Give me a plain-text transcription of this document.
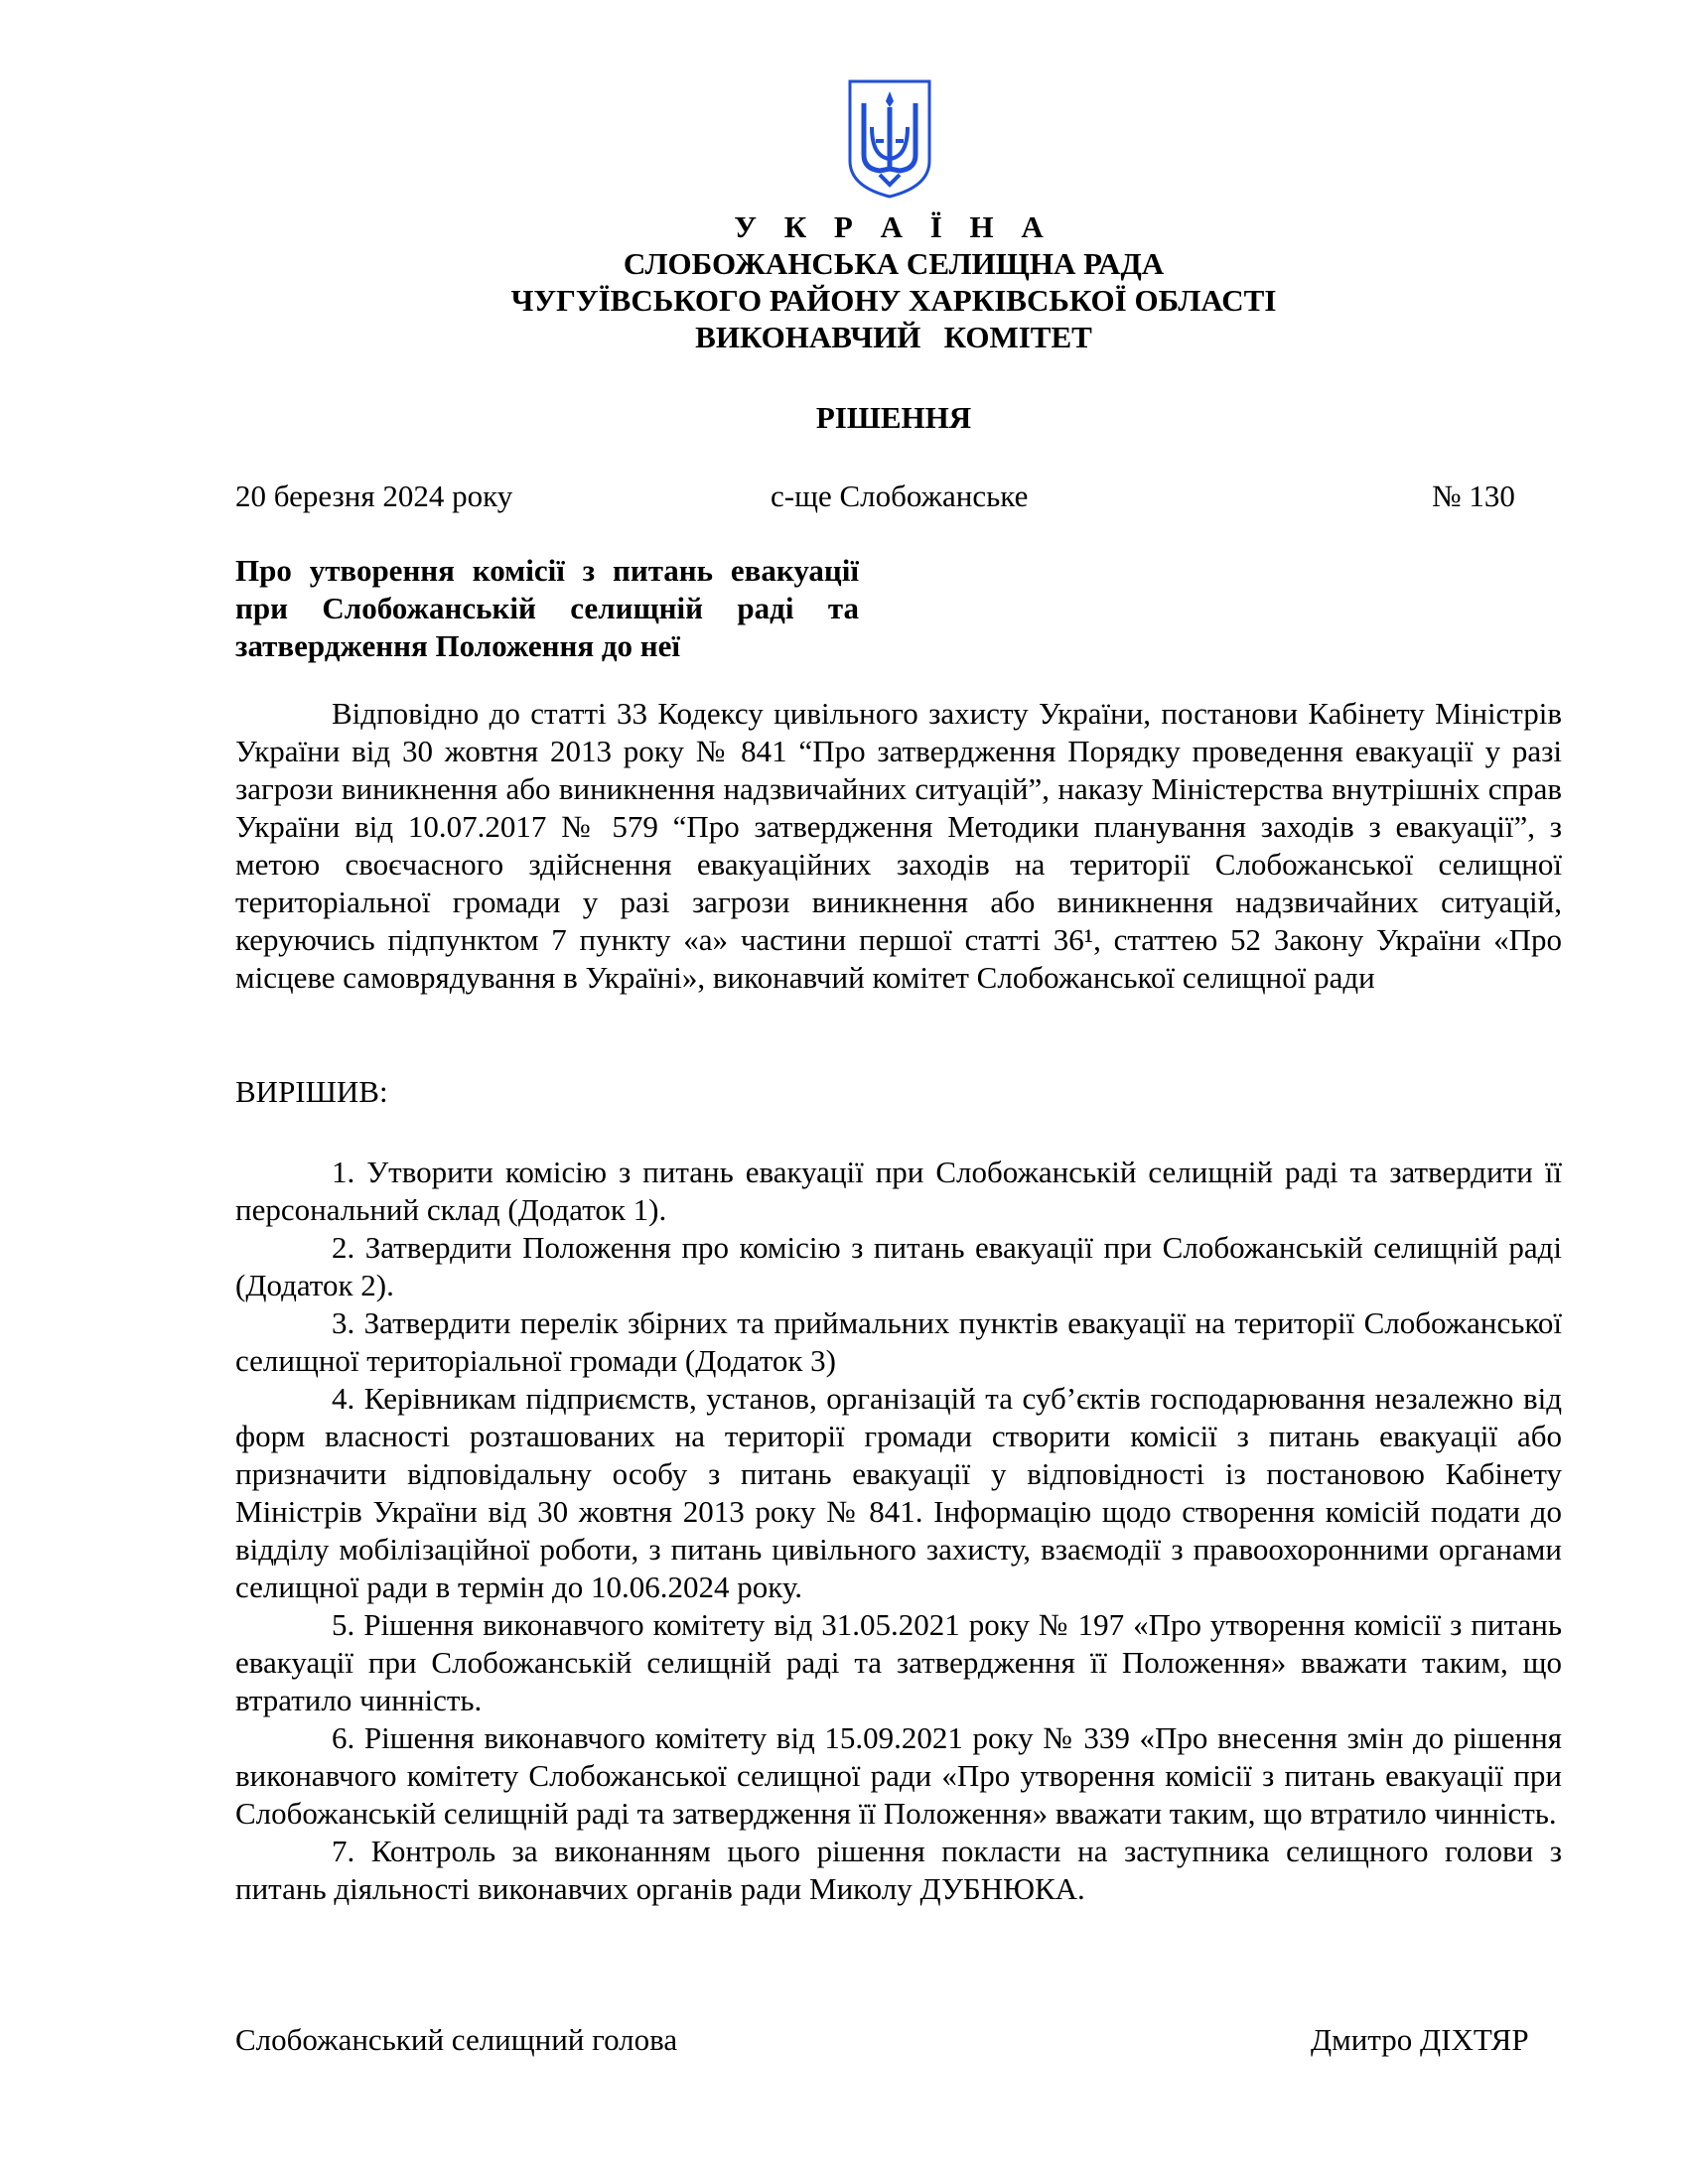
У К Р А Ї Н А
СЛОБОЖАНСЬКА СЕЛИЩНА РАДА
ЧУГУЇВСЬКОГО РАЙОНУ ХАРКІВСЬКОЇ ОБЛАСТІ
ВИКОНАВЧИЙ   КОМІТЕТ
РІШЕННЯ
20 березня 2024 року	с-ще Слобожанське	№ 130
Про утворення комісії з питань евакуації
при Слобожанській селищній раді та
затвердження Положення до неї
Відповідно до статті 33 Кодексу цивільного захисту України, постанови Кабінету Міністрів України від 30 жовтня 2013 року № 841 “Про затвердження Порядку проведення евакуації у разі загрози виникнення або виникнення надзвичайних ситуацій”, наказу Міністерства внутрішніх справ України від 10.07.2017 № 579 “Про затвердження Методики планування заходів з евакуації”, з метою своєчасного здійснення евакуаційних заходів на території Слобожанської селищної територіальної громади у разі загрози виникнення або виникнення надзвичайних ситуацій, керуючись підпунктом 7 пункту «а» частини першої статті 36¹, статтею 52 Закону України «Про місцеве самоврядування в Україні», виконавчий комітет Слобожанської селищної ради
ВИРІШИВ:

1. Утворити комісію з питань евакуації при Слобожанській селищній раді та затвердити її персональний склад (Додаток 1).

2. Затвердити Положення про комісію з питань евакуації при Слобожанській селищній раді (Додаток 2).

3. Затвердити перелік збірних та приймальних пунктів евакуації на території Слобожанської селищної територіальної громади (Додаток 3)

4. Керівникам підприємств, установ, організацій та суб’єктів господарювання незалежно від форм власності розташованих на території громади створити комісії з питань евакуації або призначити відповідальну особу з питань евакуації у відповідності із постановою Кабінету Міністрів України від 30 жовтня 2013 року № 841. Інформацію щодо створення комісій подати до відділу мобілізаційної роботи, з питань цивільного захисту, взаємодії з правоохоронними органами селищної ради в термін до 10.06.2024 року.

5. Рішення виконавчого комітету від 31.05.2021 року № 197 «Про утворення комісії з питань евакуації при Слобожанській селищній раді та затвердження її Положення» вважати таким, що втратило чинність.

6. Рішення виконавчого комітету від 15.09.2021 року № 339 «Про внесення змін до рішення виконавчого комітету Слобожанської селищної ради «Про утворення комісії з питань евакуації при Слобожанській селищній раді та затвердження її Положення» вважати таким, що втратило чинність.

7. Контроль за виконанням цього рішення покласти на заступника селищного голови з питань діяльності виконавчих органів ради Миколу ДУБНЮКА.

Слобожанський селищний голова	Дмитро ДІХТЯР
